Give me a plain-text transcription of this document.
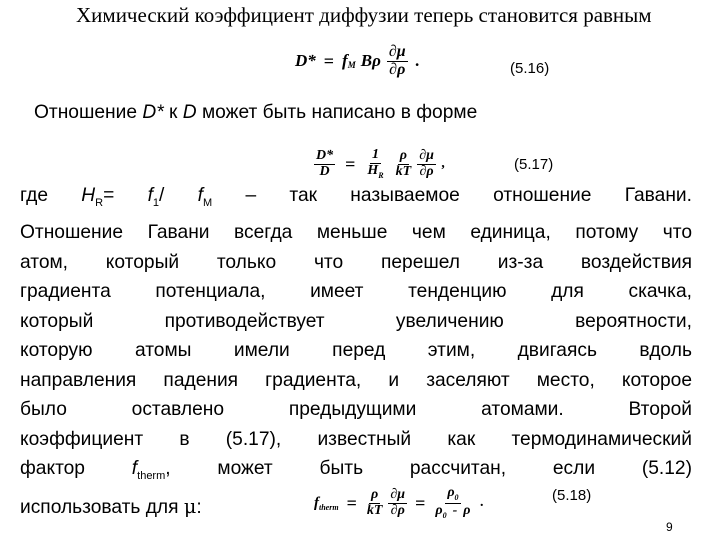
Химический коэффициент диффузии теперь становится равным
$D* = f_M$ Bρ $\frac{\partial\mu}{\partial\rho}$ .	(5.16)
Отношение D* к D может быть написано в форме
$\frac{D*}{D} = \frac{1}{H_R} \frac{\rho}{kT} \frac{\partial\mu}{\partial\rho}$ ,	(5.17)
где $H_R= f_1/$ $f_M$ – так называемое отношение Гавани.
Отношение Гавани всегда меньше чем единица, потому что
атом, который только что перешел из-за воздействия
градиента потенциала, имеет тенденцию для скачка,
который противодействует увеличению вероятности,
которую атомы имели перед этим, двигаясь вдоль
направления падения градиента, и заселяют место, которое
было оставлено предыдущими атомами. Второй
коэффициент в (5.17), известный как термодинамический
фактор $f_{therm}$, может быть рассчитан, если (5.12)
использовать для μ:	$f_{therm} = \frac{\rho}{kT} \frac{\partial\mu}{\partial\rho} = \frac{\rho_0}{\rho_0 - \rho}$ .	(5.18)
9
